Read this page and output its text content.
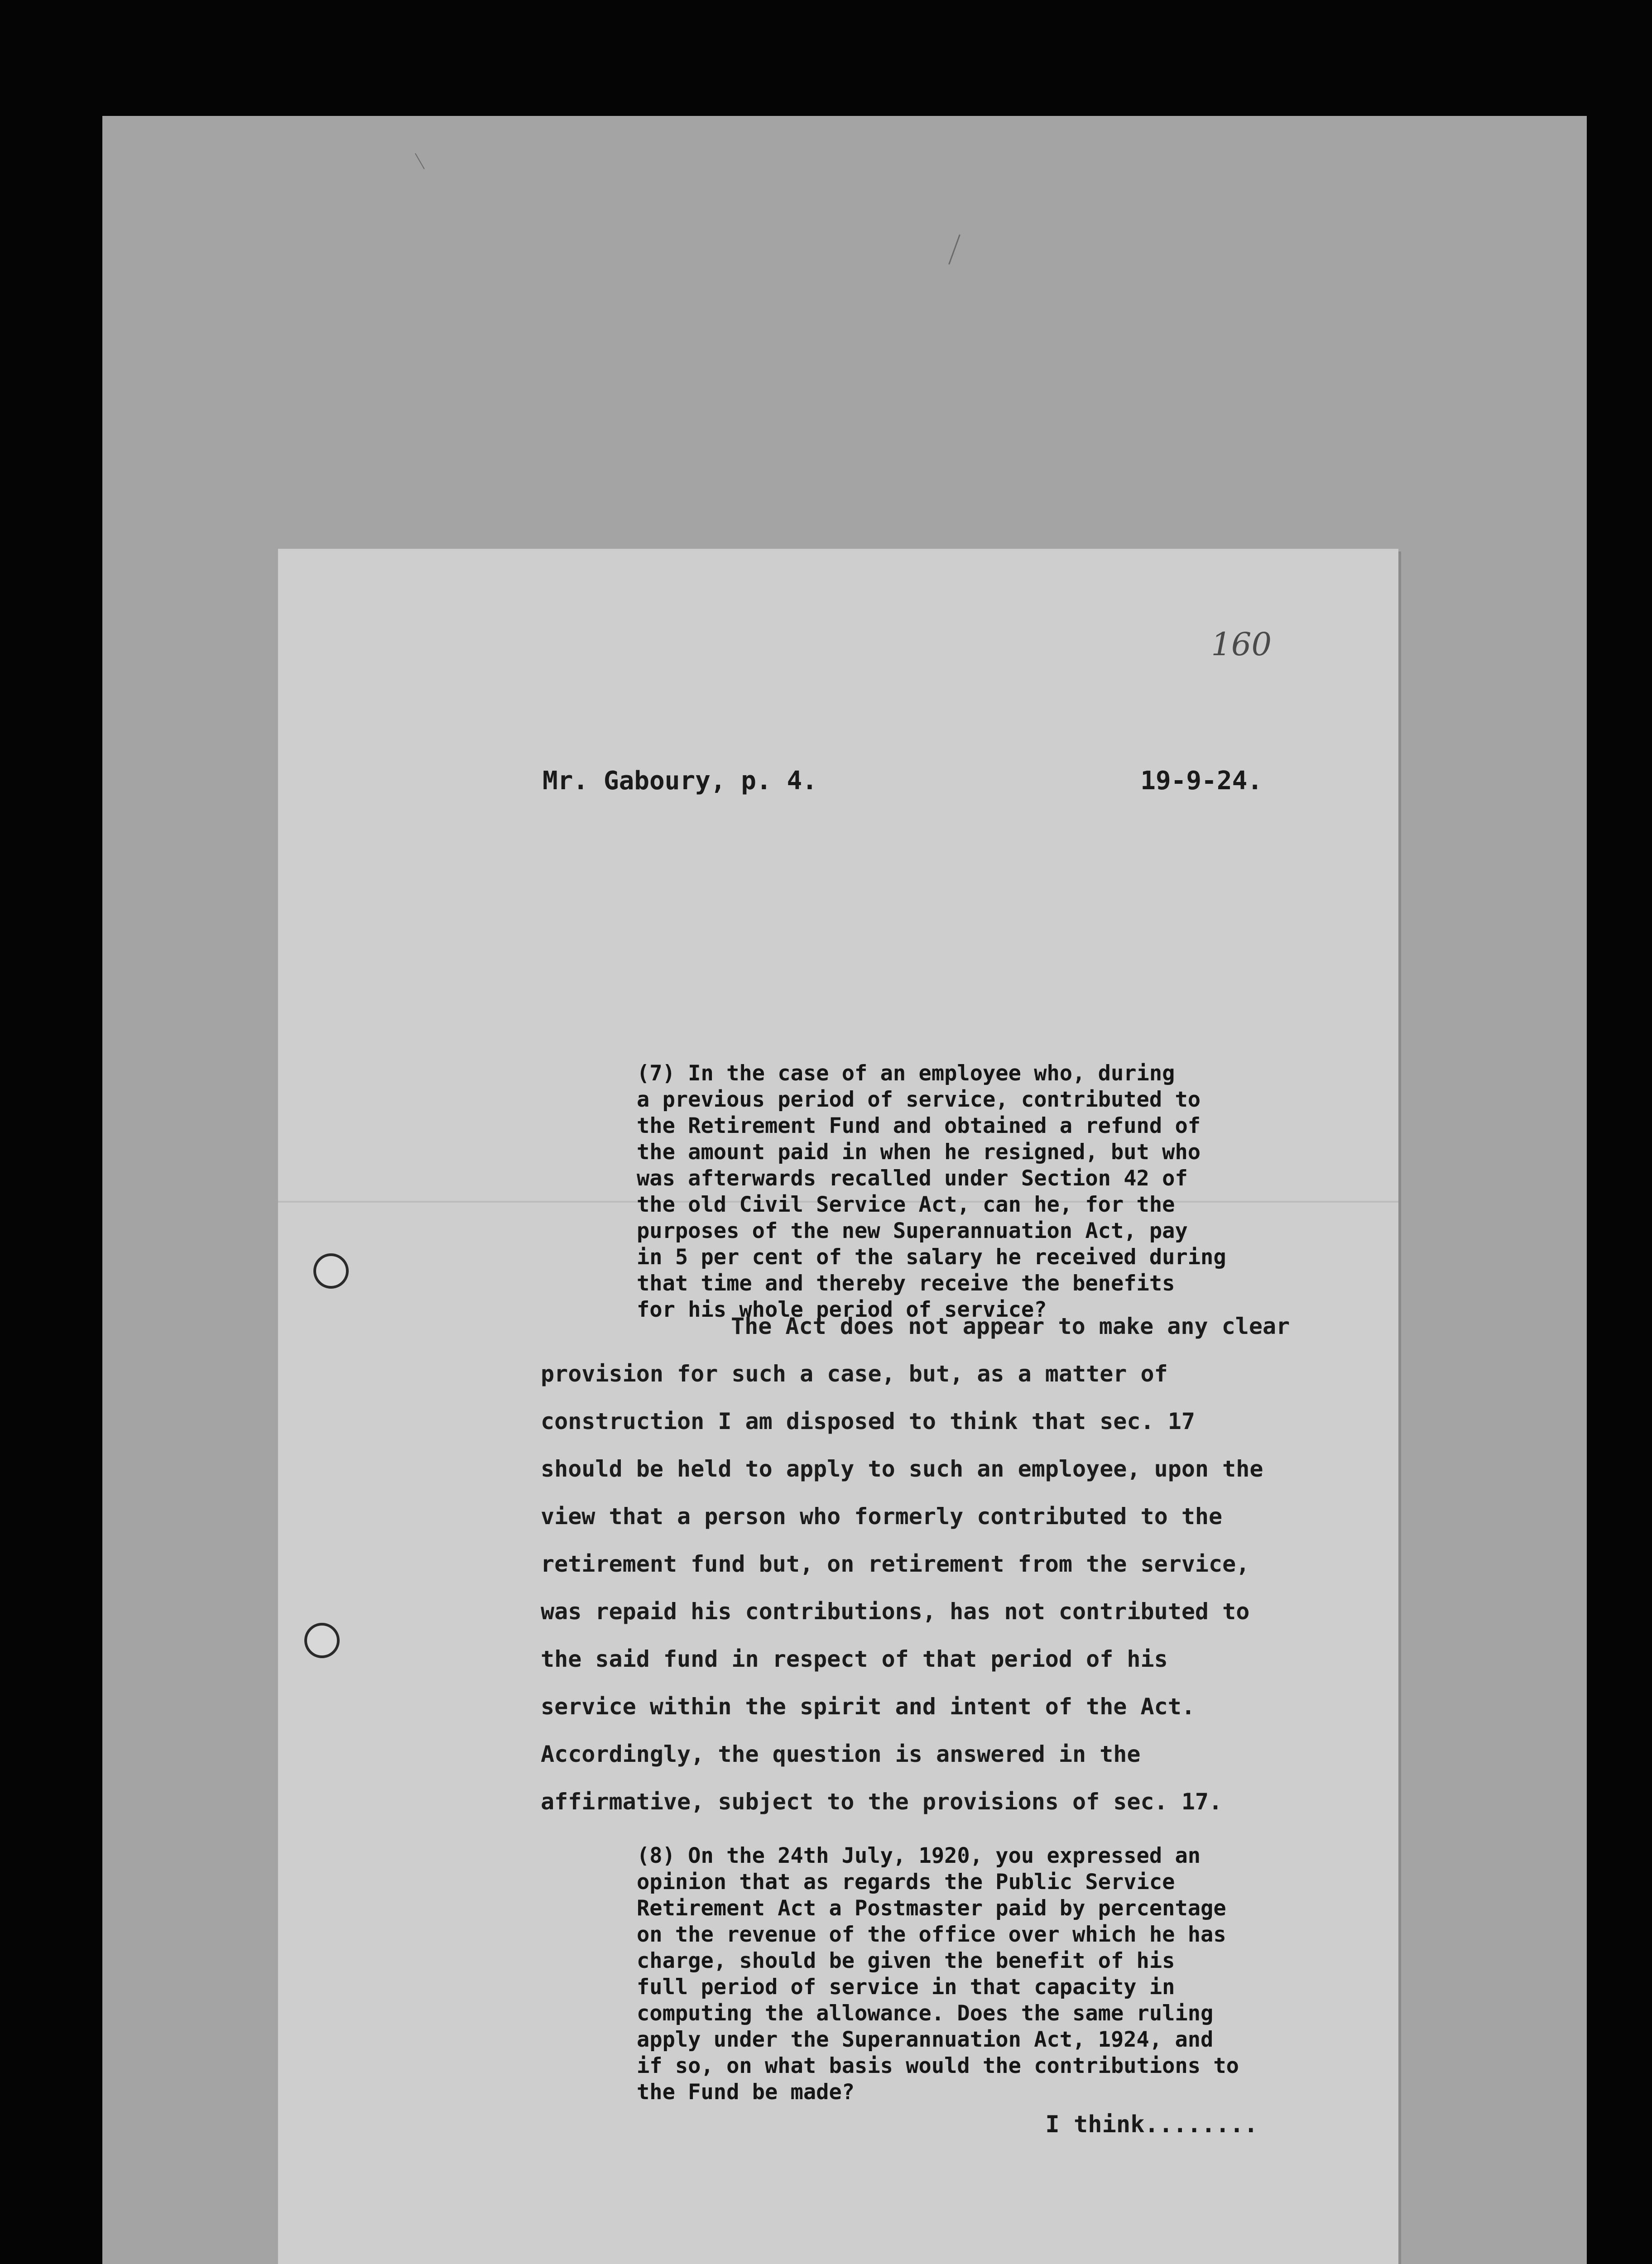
160
Mr. Gaboury, p. 4.	19-9-24.
(7) In the case of an employee who, during
a previous period of service, contributed to
the Retirement Fund and obtained a refund of
the amount paid in when he resigned, but who
was afterwards recalled under Section 42 of
the old Civil Service Act, can he, for the
purposes of the new Superannuation Act, pay
in 5 per cent of the salary he received during
that time and thereby receive the benefits
for his whole period of service?
The Act does not appear to make any clear
provision for such a case, but, as a matter of
construction I am disposed to think that sec. 17
should be held to apply to such an employee, upon the
view that a person who formerly contributed to the
retirement fund but, on retirement from the service,
was repaid his contributions, has not contributed to
the said fund in respect of that period of his
service within the spirit and intent of the Act.
Accordingly, the question is answered in the
affirmative, subject to the provisions of sec. 17.
(8) On the 24th July, 1920, you expressed an
opinion that as regards the Public Service
Retirement Act a Postmaster paid by percentage
on the revenue of the office over which he has
charge, should be given the benefit of his
full period of service in that capacity in
computing the allowance. Does the same ruling
apply under the Superannuation Act, 1924, and
if so, on what basis would the contributions to
the Fund be made?
I think........
